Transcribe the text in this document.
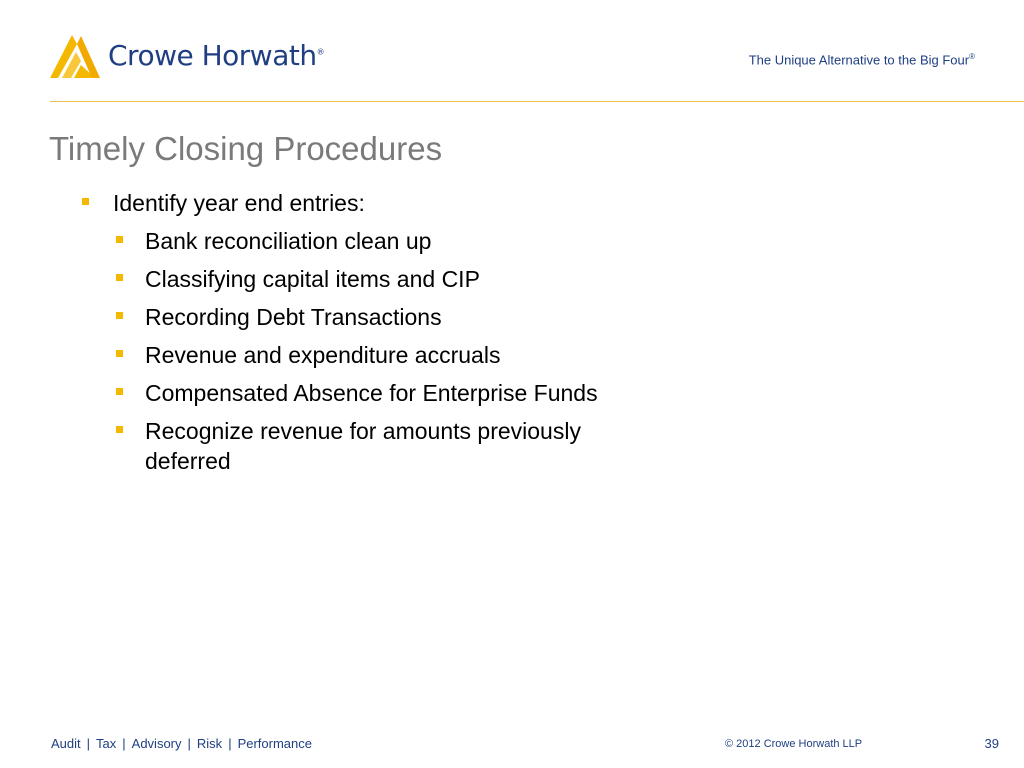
Crowe Horwath®
The Unique Alternative to the Big Four®
Timely Closing Procedures
Identify year end entries:
Bank reconciliation clean up
Classifying capital items and CIP
Recording Debt Transactions
Revenue and expenditure accruals
Compensated Absence for Enterprise Funds
Recognize revenue for amounts previously deferred
Audit | Tax | Advisory | Risk | Performance	© 2012 Crowe Horwath LLP	39
